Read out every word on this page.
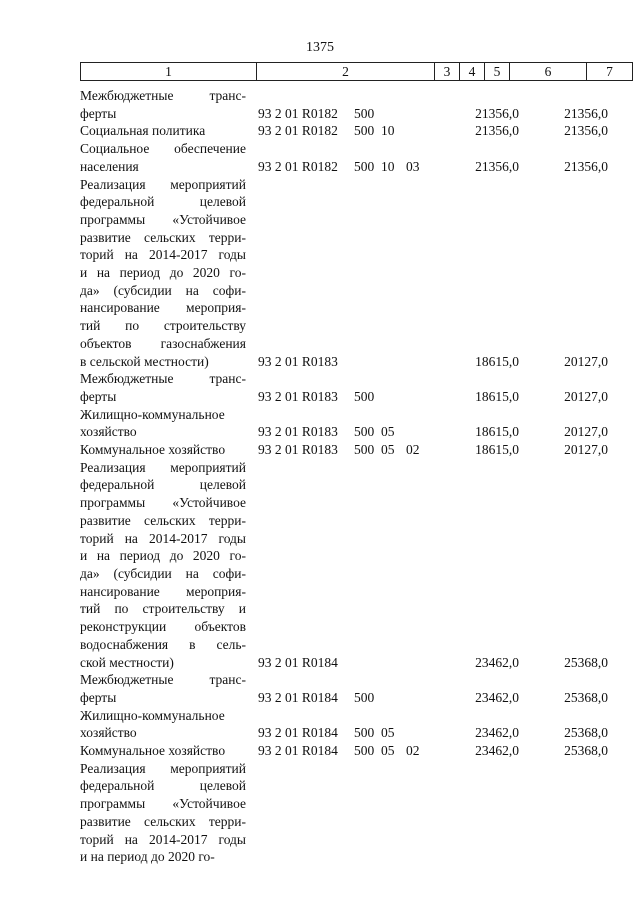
1375
1	2	3	4	5	6	7
Межбюджетные транс-
ферты	93 2 01 R0182 500	21356,0	21356,0
Социальная политика	93 2 01 R0182 500 10	21356,0	21356,0
Социальное обеспечение
населения	93 2 01 R0182 500 10 03	21356,0	21356,0
Реализация мероприятий
федеральной целевой
программы «Устойчивое
развитие сельских терри-
торий на 2014-2017 годы
и на период до 2020 го-
да» (субсидии на софи-
нансирование мероприя-
тий по строительству
объектов газоснабжения
в сельской местности)	93 2 01 R0183	18615,0	20127,0
Межбюджетные транс-
ферты	93 2 01 R0183 500	18615,0	20127,0
Жилищно-коммунальное
хозяйство	93 2 01 R0183 500 05	18615,0	20127,0
Коммунальное хозяйство	93 2 01 R0183 500 05 02	18615,0	20127,0
Реализация мероприятий
федеральной целевой
программы «Устойчивое
развитие сельских терри-
торий на 2014-2017 годы
и на период до 2020 го-
да» (субсидии на софи-
нансирование мероприя-
тий по строительству и
реконструкции объектов
водоснабжения в сель-
ской местности)	93 2 01 R0184	23462,0	25368,0
Межбюджетные транс-
ферты	93 2 01 R0184 500	23462,0	25368,0
Жилищно-коммунальное
хозяйство	93 2 01 R0184 500 05	23462,0	25368,0
Коммунальное хозяйство	93 2 01 R0184 500 05 02	23462,0	25368,0
Реализация мероприятий
федеральной целевой
программы «Устойчивое
развитие сельских терри-
торий на 2014-2017 годы
и на период до 2020 го-
